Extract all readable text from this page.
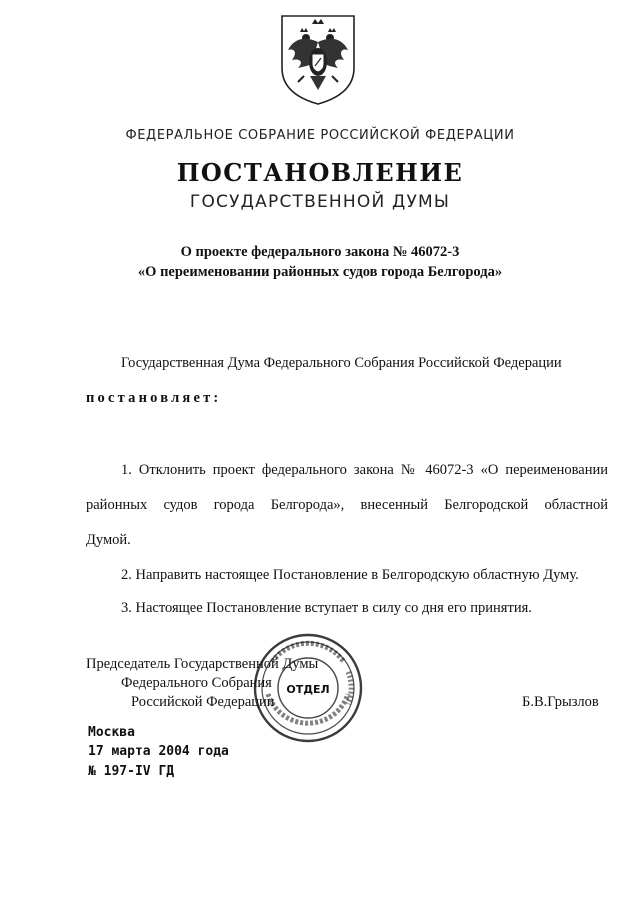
ФЕДЕРАЛЬНОЕ СОБРАНИЕ РОССИЙСКОЙ ФЕДЕРАЦИИ
ПОСТАНОВЛЕНИЕ
ГОСУДАРСТВЕННОЙ ДУМЫ
О проекте федерального закона № 46072-3
«О переименовании районных судов города Белгорода»
Государственная Дума Федерального Собрания Российской Федерации
постановляет:
1. Отклонить проект федерального закона № 46072-3 «О переименовании
районных судов города Белгорода», внесенный Белгородской областной
Думой.
2. Направить настоящее Постановление в Белгородскую областную Думу.
3. Настоящее Постановление вступает в силу со дня его принятия.
Председатель Государственной Думы
Федерального Собрания
Российской Федерации	Б.В.Грызлов
ОТДЕЛ
Москва
17 марта 2004 года
№ 197-IV ГД
